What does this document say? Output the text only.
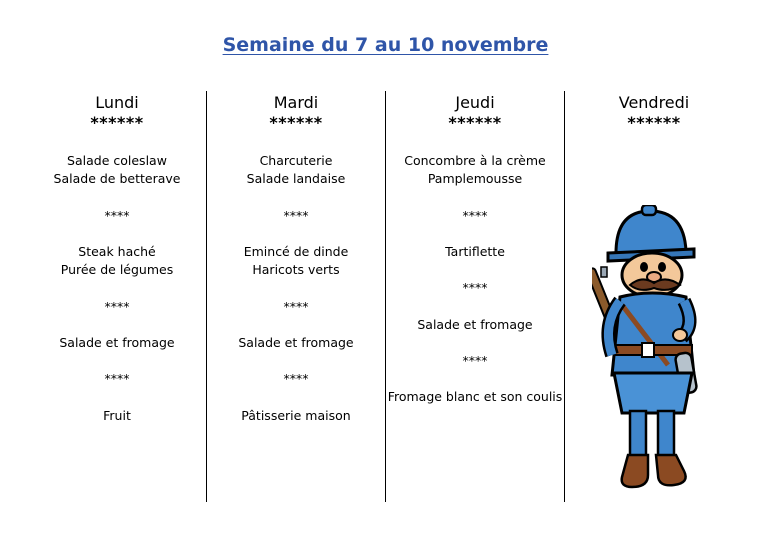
Semaine du 7 au 10 novembre
Lundi
******
Salade coleslaw
Salade de betterave
****
Steak haché
Purée de légumes
****
Salade et fromage
****
Fruit
Mardi
******
Charcuterie
Salade landaise
****
Emincé de dinde
Haricots verts
****
Salade et fromage
****
Pâtisserie maison
Jeudi
******
Concombre à la crème
Pamplemousse
****
Tartiflette
****
Salade et fromage
****
Fromage blanc et son coulis
Vendredi
******
